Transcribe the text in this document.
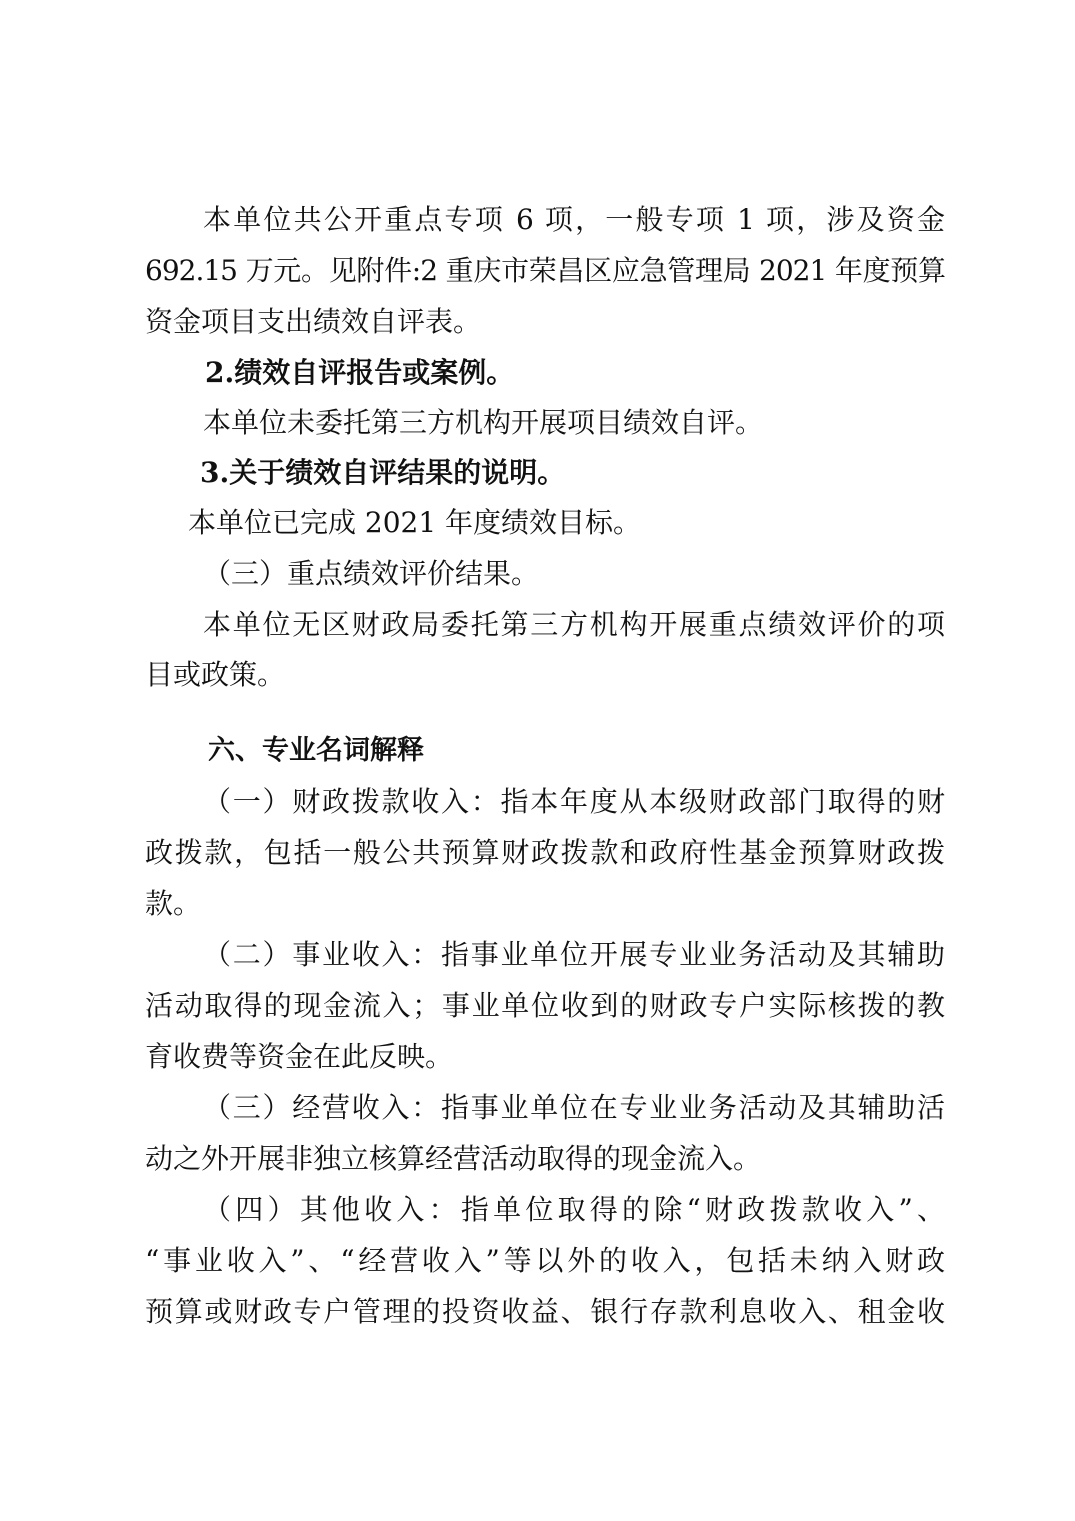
本单位共公开重点专项 6 项，一般专项 1 项，涉及资金
692.15 万元。见附件:2 重庆市荣昌区应急管理局 2021 年度预算
资金项目支出绩效自评表。
2.绩效自评报告或案例。
本单位未委托第三方机构开展项目绩效自评。
3.关于绩效自评结果的说明。
本单位已完成 2021 年度绩效目标。
（三）重点绩效评价结果。
本单位无区财政局委托第三方机构开展重点绩效评价的项
目或政策。
六、专业名词解释
（一）财政拨款收入：指本年度从本级财政部门取得的财
政拨款，包括一般公共预算财政拨款和政府性基金预算财政拨
款。
（二）事业收入：指事业单位开展专业业务活动及其辅助
活动取得的现金流入；事业单位收到的财政专户实际核拨的教
育收费等资金在此反映。
（三）经营收入：指事业单位在专业业务活动及其辅助活
动之外开展非独立核算经营活动取得的现金流入。
（四）其他收入：指单位取得的除“财政拨款收入”、
“事业收入”、“经营收入”等以外的收入，包括未纳入财政
预算或财政专户管理的投资收益、银行存款利息收入、租金收
